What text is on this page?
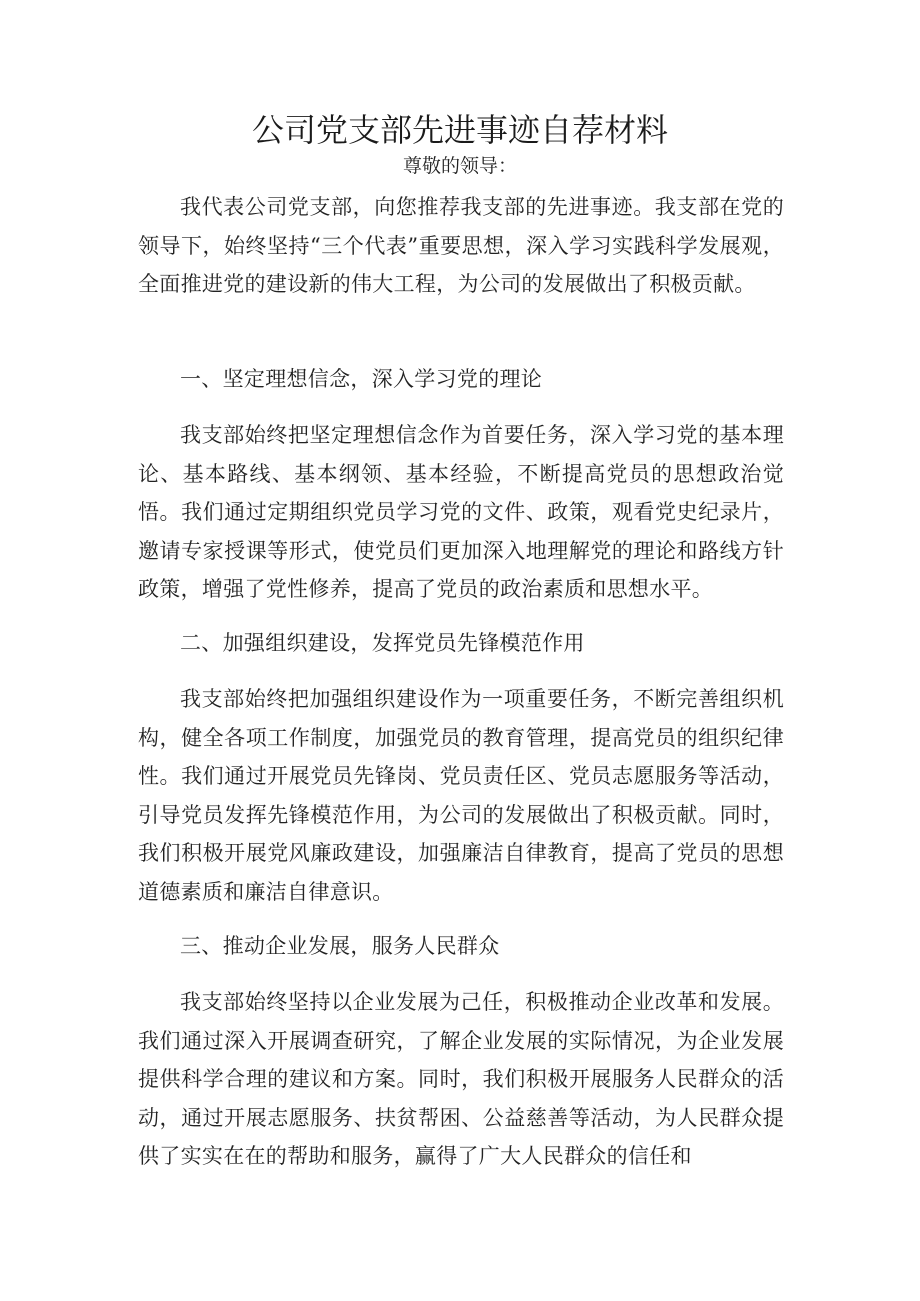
公司党支部先进事迹自荐材料

尊敬的领导：

我代表公司党支部，向您推荐我支部的先进事迹。我支部在党的领导下，始终坚持“三个代表”重要思想，深入学习实践科学发展观，全面推进党的建设新的伟大工程，为公司的发展做出了积极贡献。

一、坚定理想信念，深入学习党的理论

我支部始终把坚定理想信念作为首要任务，深入学习党的基本理论、基本路线、基本纲领、基本经验，不断提高党员的思想政治觉悟。我们通过定期组织党员学习党的文件、政策，观看党史纪录片，邀请专家授课等形式，使党员们更加深入地理解党的理论和路线方针政策，增强了党性修养，提高了党员的政治素质和思想水平。

二、加强组织建设，发挥党员先锋模范作用

我支部始终把加强组织建设作为一项重要任务，不断完善组织机构，健全各项工作制度，加强党员的教育管理，提高党员的组织纪律性。我们通过开展党员先锋岗、党员责任区、党员志愿服务等活动，引导党员发挥先锋模范作用，为公司的发展做出了积极贡献。同时，我们积极开展党风廉政建设，加强廉洁自律教育，提高了党员的思想道德素质和廉洁自律意识。

三、推动企业发展，服务人民群众

我支部始终坚持以企业发展为己任，积极推动企业改革和发展。我们通过深入开展调查研究，了解企业发展的实际情况，为企业发展提供科学合理的建议和方案。同时，我们积极开展服务人民群众的活动，通过开展志愿服务、扶贫帮困、公益慈善等活动，为人民群众提供了实实在在的帮助和服务，赢得了广大人民群众的信任和
